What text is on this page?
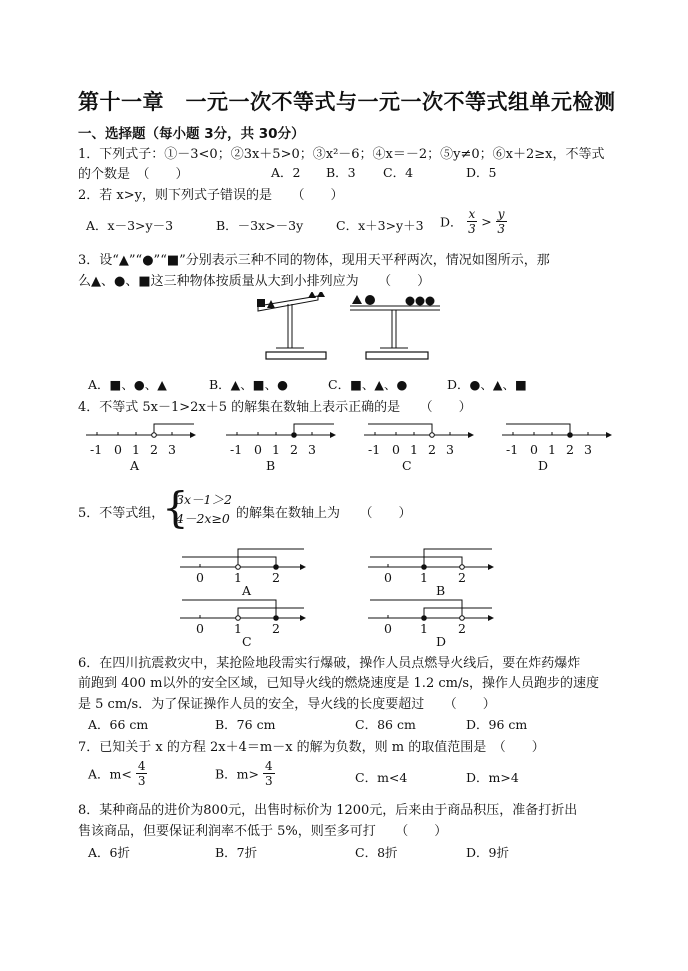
第十一章　一元一次不等式与一元一次不等式组单元检测
一、选择题（每小题 3分，共 30分）
1．下列式子：①－3<0；②3x＋5>0；③x²－6；④x＝－2；⑤y≠0；⑥x＋2≥x，不等式
的个数是　（　　）	A．2 B．3 C．4	D．5
2．若 x>y，则下列式子错误的是　　（　　）
A．x－3>y－3	B．－3x>－3y	C．x＋3>y＋3 D． $\frac{x}{3} > \frac{y}{3}$
3．设“▲”“●”“■”分别表示三种不同的物体，现用天平秤两次，情况如图所示，那
么▲、●、■这三种物体按质量从大到小排列应为　　（　　）
A．■、●、▲	B．▲、■、●	C．■、▲、●	D．●、▲、■
4．不等式 5x－1>2x＋5 的解集在数轴上表示正确的是　　（　　）
-1 0 1 2 3
A
-1 0 1 2 3
B
-1 0 1 2 3
C
-1 0 1 2 3
D
5．不等式组，
{
3x－1＞2
4－2x≥0 的解集在数轴上为　　（　　）
0 1 2
A
0 1 2
B
0 1 2
C
0 1 2
D
6．在四川抗震救灾中，某抢险地段需实行爆破，操作人员点燃导火线后，要在炸药爆炸
前跑到 400 m以外的安全区域，已知导火线的燃烧速度是 1.2 cm/s，操作人员跑步的速度
是 5 cm/s．为了保证操作人员的安全，导火线的长度要超过　　（　　）
A．66 cm	B．76 cm	C．86 cm	D．96 cm
7．已知关于 x 的方程 2x＋4＝m－x 的解为负数，则 m 的取值范围是　（　　）
A．$m< \frac{4}{3}$	B．$m> \frac{4}{3}$	C．m<4	D．m>4
8．某种商品的进价为800元，出售时标价为 1200元，后来由于商品积压，准备打折出
售该商品，但要保证利润率不低于 5%，则至多可打　　（　　）
A．6折	B．7折	C．8折	D．9折
